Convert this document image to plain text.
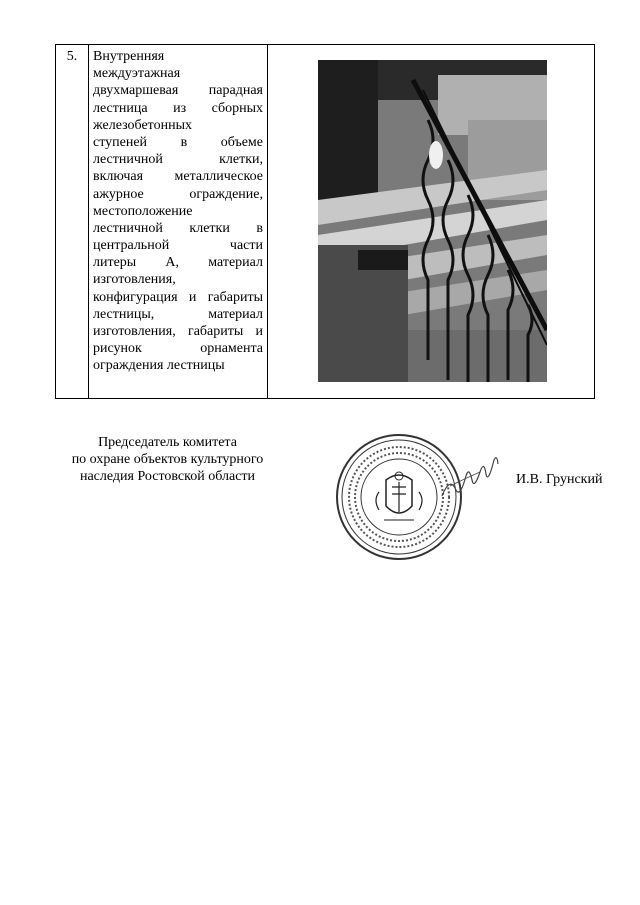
5.	Внутренняя
междуэтажная
двухмаршевая парадная
лестница из сборных
железобетонных
ступеней в объеме
лестничной клетки,
включая металлическое
ажурное ограждение,
местоположение
лестничной клетки в
центральной части
литеры А, материал
изготовления,
конфигурация и габариты
лестницы, материал
изготовления, габариты и
рисунок орнамента
ограждения лестницы
Председатель комитета
по охране объектов культурного
наследия Ростовской области	И.В. Грунский
